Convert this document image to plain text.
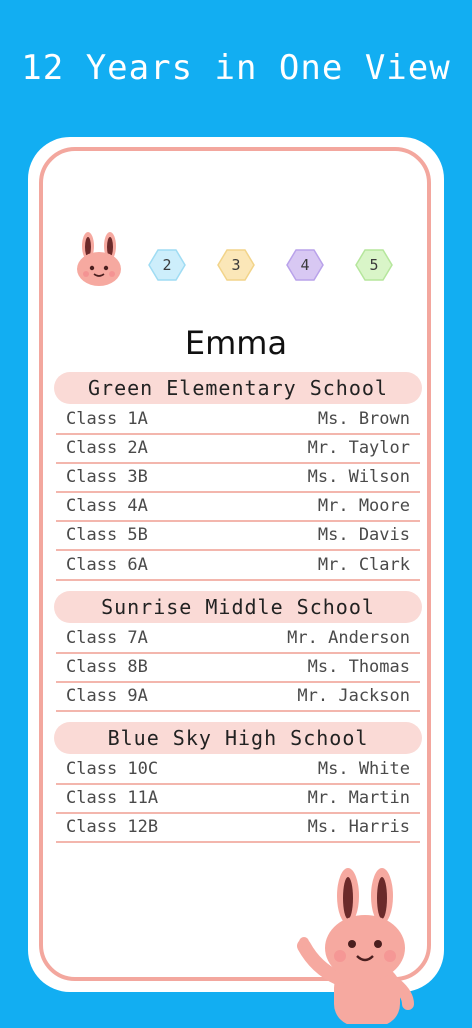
12 Years in One View
2	3	4	5
Emma
Green Elementary School
Class 1A	Ms. Brown
Class 2A	Mr. Taylor
Class 3B	Ms. Wilson
Class 4A	Mr. Moore
Class 5B	Ms. Davis
Class 6A	Mr. Clark
Sunrise Middle School
Class 7A	Mr. Anderson
Class 8B	Ms. Thomas
Class 9A	Mr. Jackson
Blue Sky High School
Class 10C	Ms. White
Class 11A	Mr. Martin
Class 12B	Ms. Harris
